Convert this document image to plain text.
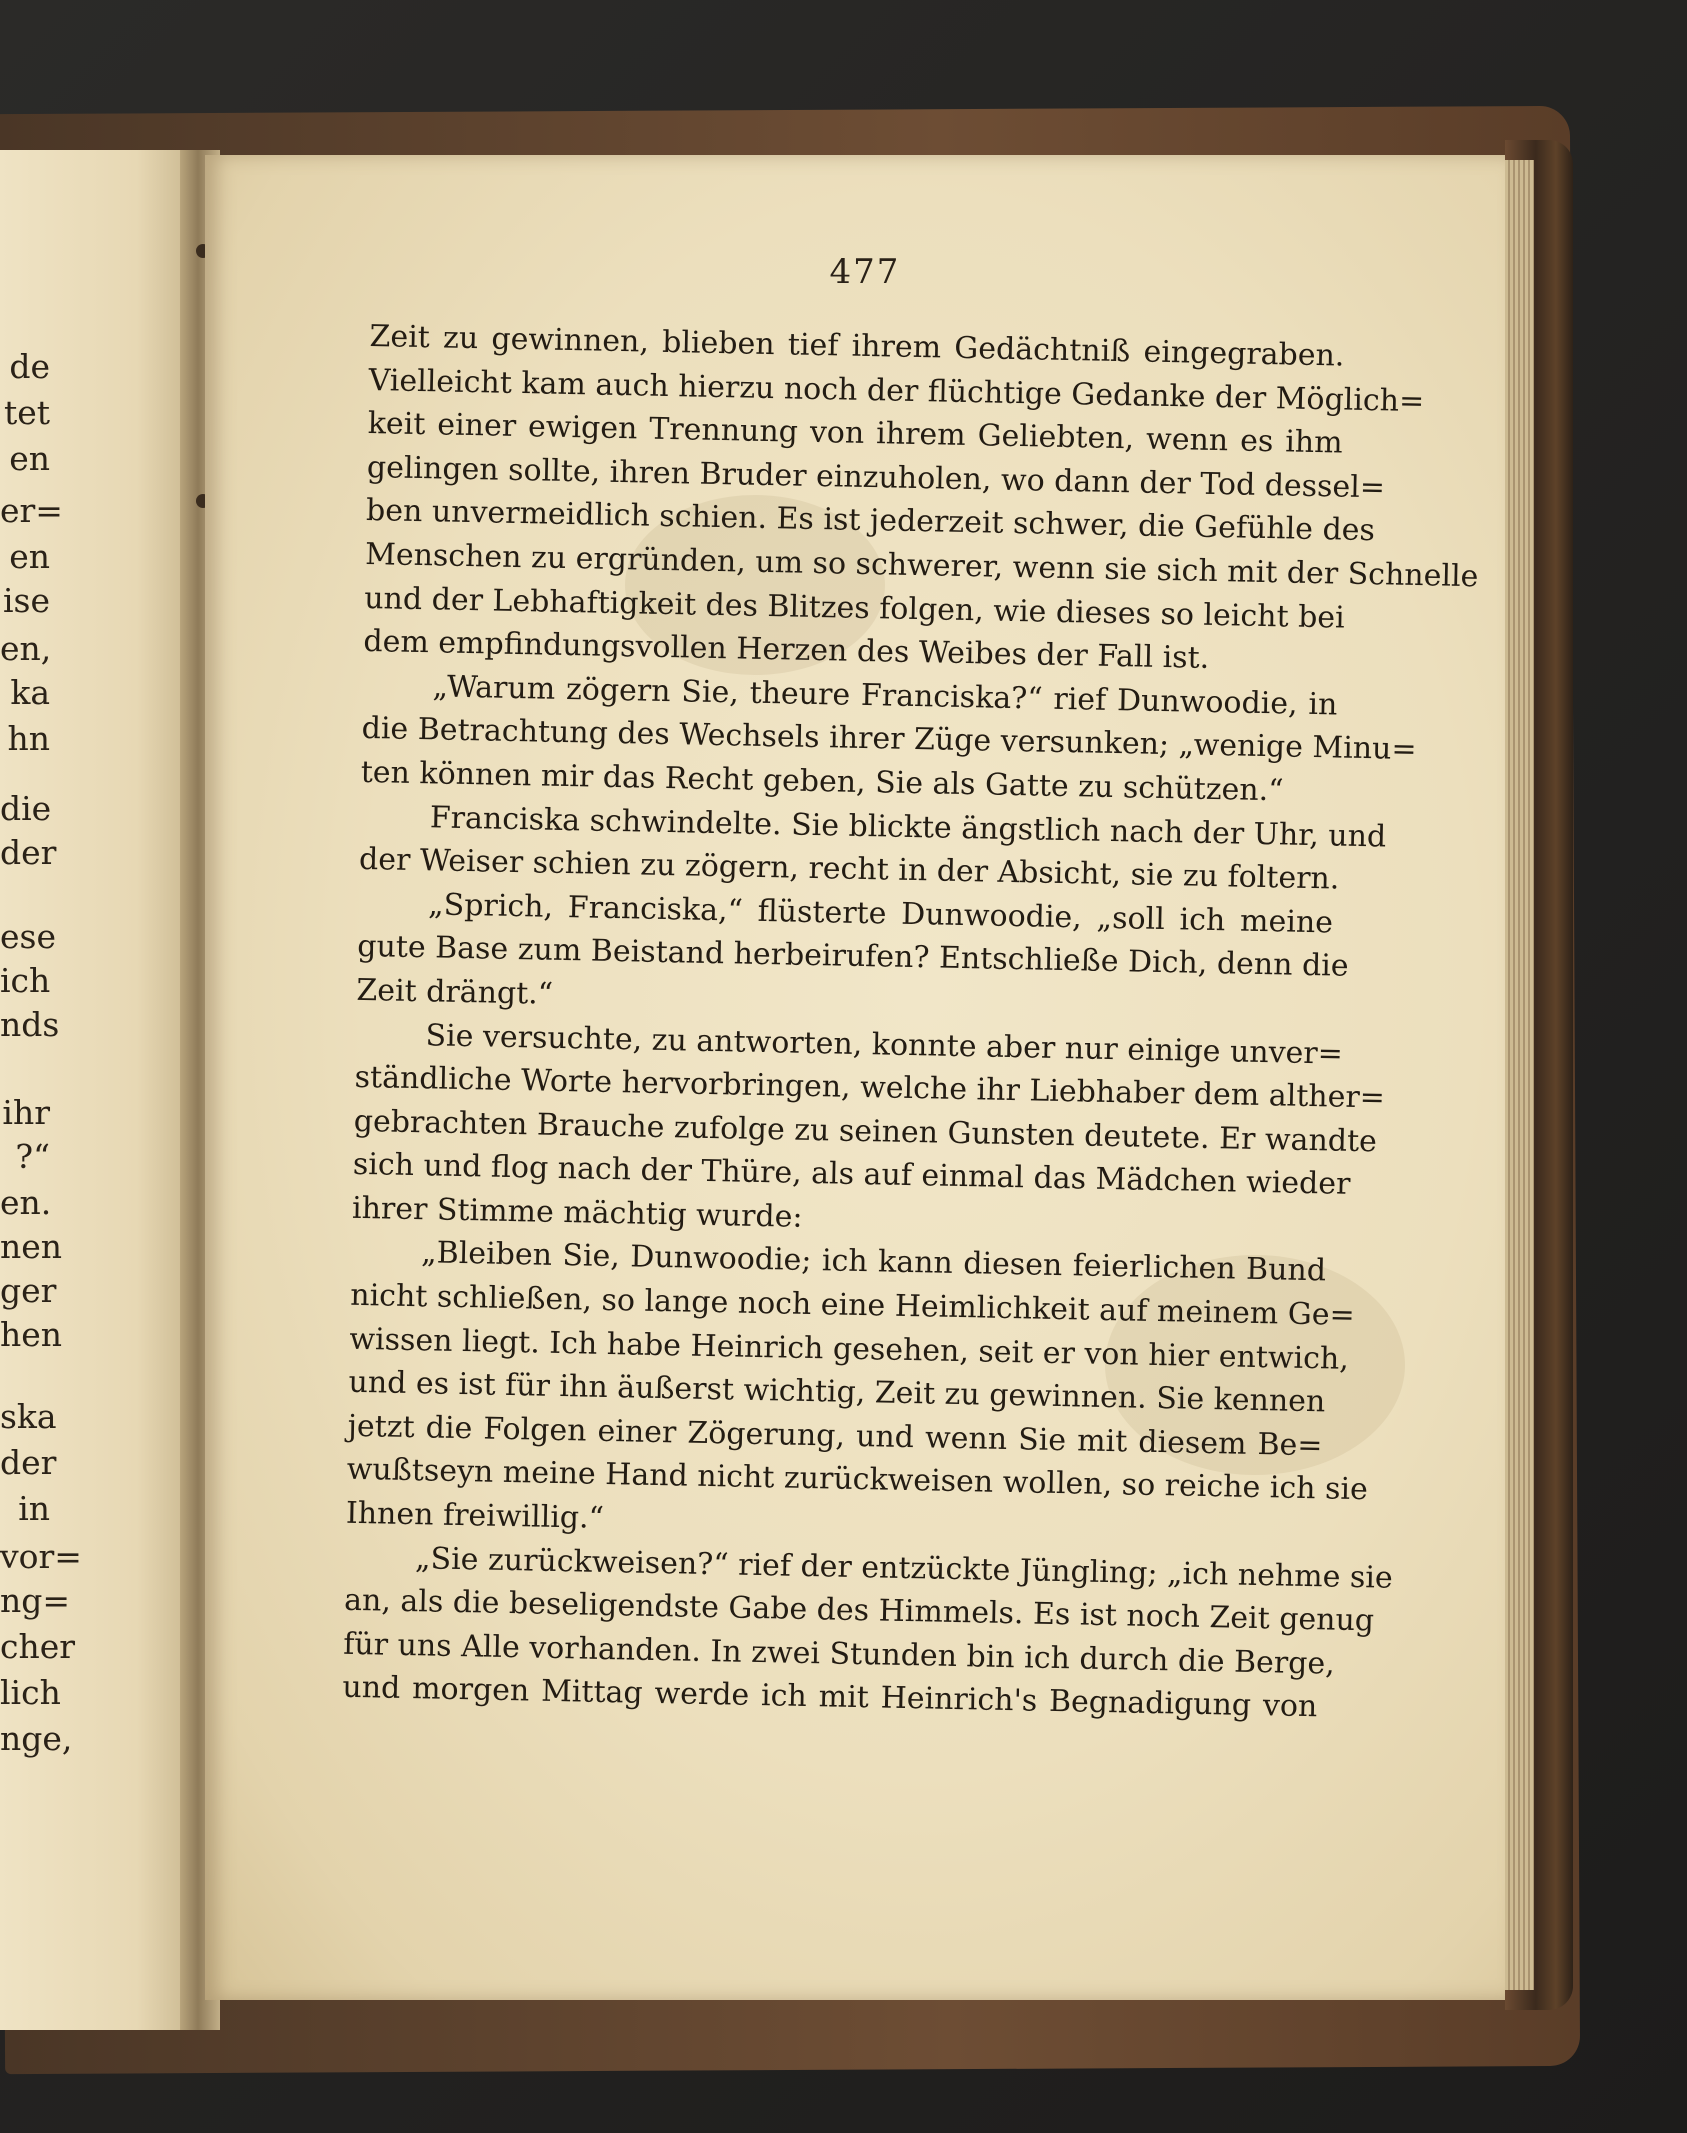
de
tet
en
er=
en
ise
en,
ka
hn
die
der
ese
ich
nds
ihr
?“
en.
nen
ger
hen
ska
der
in
vor=
ng=
cher
lich
nge,
477
Zeit zu gewinnen, blieben tief ihrem Gedächtniß eingegraben.
Vielleicht kam auch hierzu noch der flüchtige Gedanke der Möglich=
keit einer ewigen Trennung von ihrem Geliebten, wenn es ihm
gelingen sollte, ihren Bruder einzuholen, wo dann der Tod dessel=
ben unvermeidlich schien. Es ist jederzeit schwer, die Gefühle des
Menschen zu ergründen, um so schwerer, wenn sie sich mit der Schnelle
und der Lebhaftigkeit des Blitzes folgen, wie dieses so leicht bei
dem empfindungsvollen Herzen des Weibes der Fall ist.
„Warum zögern Sie, theure Franciska?“ rief Dunwoodie, in
die Betrachtung des Wechsels ihrer Züge versunken; „wenige Minu=
ten können mir das Recht geben, Sie als Gatte zu schützen.“
Franciska schwindelte. Sie blickte ängstlich nach der Uhr, und
der Weiser schien zu zögern, recht in der Absicht, sie zu foltern.
„Sprich, Franciska,“ flüsterte Dunwoodie, „soll ich meine
gute Base zum Beistand herbeirufen? Entschließe Dich, denn die
Zeit drängt.“
Sie versuchte, zu antworten, konnte aber nur einige unver=
ständliche Worte hervorbringen, welche ihr Liebhaber dem alther=
gebrachten Brauche zufolge zu seinen Gunsten deutete. Er wandte
sich und flog nach der Thüre, als auf einmal das Mädchen wieder
ihrer Stimme mächtig wurde:
„Bleiben Sie, Dunwoodie; ich kann diesen feierlichen Bund
nicht schließen, so lange noch eine Heimlichkeit auf meinem Ge=
wissen liegt. Ich habe Heinrich gesehen, seit er von hier entwich,
und es ist für ihn äußerst wichtig, Zeit zu gewinnen. Sie kennen
jetzt die Folgen einer Zögerung, und wenn Sie mit diesem Be=
wußtseyn meine Hand nicht zurückweisen wollen, so reiche ich sie
Ihnen freiwillig.“
„Sie zurückweisen?“ rief der entzückte Jüngling; „ich nehme sie
an, als die beseligendste Gabe des Himmels. Es ist noch Zeit genug
für uns Alle vorhanden. In zwei Stunden bin ich durch die Berge,
und morgen Mittag werde ich mit Heinrich's Begnadigung von
